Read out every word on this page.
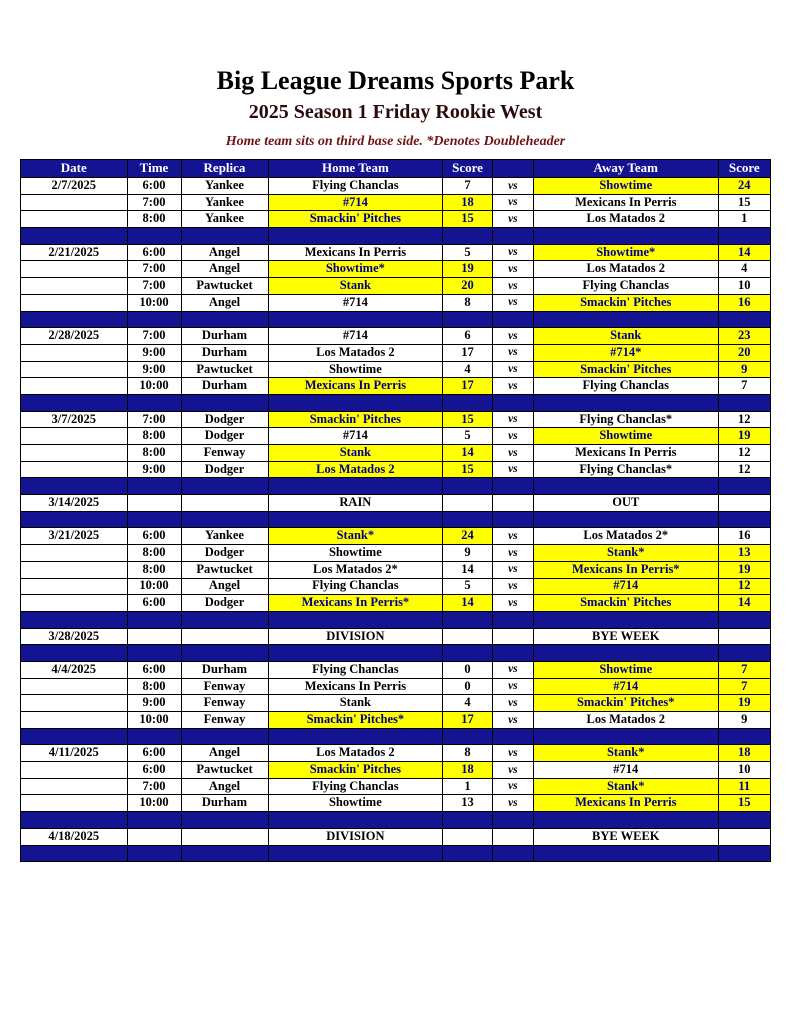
Big League Dreams Sports Park
2025 Season 1 Friday Rookie West
Home team sits on third base side. *Denotes Doubleheader
Date	Time	Replica	Home Team	Score		Away Team	Score
2/7/2025	6:00	Yankee	Flying Chanclas	7	vs	Showtime	24
	7:00	Yankee	#714	18	vs	Mexicans In Perris	15
	8:00	Yankee	Smackin' Pitches	15	vs	Los Matados 2	1

2/21/2025	6:00	Angel	Mexicans In Perris	5	vs	Showtime*	14
	7:00	Angel	Showtime*	19	vs	Los Matados 2	4
	7:00	Pawtucket	Stank	20	vs	Flying Chanclas	10
	10:00	Angel	#714	8	vs	Smackin' Pitches	16

2/28/2025	7:00	Durham	#714	6	vs	Stank	23
	9:00	Durham	Los Matados 2	17	vs	#714*	20
	9:00	Pawtucket	Showtime	4	vs	Smackin' Pitches	9
	10:00	Durham	Mexicans In Perris	17	vs	Flying Chanclas	7

3/7/2025	7:00	Dodger	Smackin' Pitches	15	vs	Flying Chanclas*	12
	8:00	Dodger	#714	5	vs	Showtime	19
	8:00	Fenway	Stank	14	vs	Mexicans In Perris	12
	9:00	Dodger	Los Matados 2	15	vs	Flying Chanclas*	12

3/14/2025			RAIN			OUT	

3/21/2025	6:00	Yankee	Stank*	24	vs	Los Matados 2*	16
	8:00	Dodger	Showtime	9	vs	Stank*	13
	8:00	Pawtucket	Los Matados 2*	14	vs	Mexicans In Perris*	19
	10:00	Angel	Flying Chanclas	5	vs	#714	12
	6:00	Dodger	Mexicans In Perris*	14	vs	Smackin' Pitches	14

3/28/2025			DIVISION			BYE WEEK	

4/4/2025	6:00	Durham	Flying Chanclas	0	vs	Showtime	7
	8:00	Fenway	Mexicans In Perris	0	vs	#714	7
	9:00	Fenway	Stank	4	vs	Smackin' Pitches*	19
	10:00	Fenway	Smackin' Pitches*	17	vs	Los Matados 2	9

4/11/2025	6:00	Angel	Los Matados 2	8	vs	Stank*	18
	6:00	Pawtucket	Smackin' Pitches	18	vs	#714	10
	7:00	Angel	Flying Chanclas	1	vs	Stank*	11
	10:00	Durham	Showtime	13	vs	Mexicans In Perris	15

4/18/2025			DIVISION			BYE WEEK	
